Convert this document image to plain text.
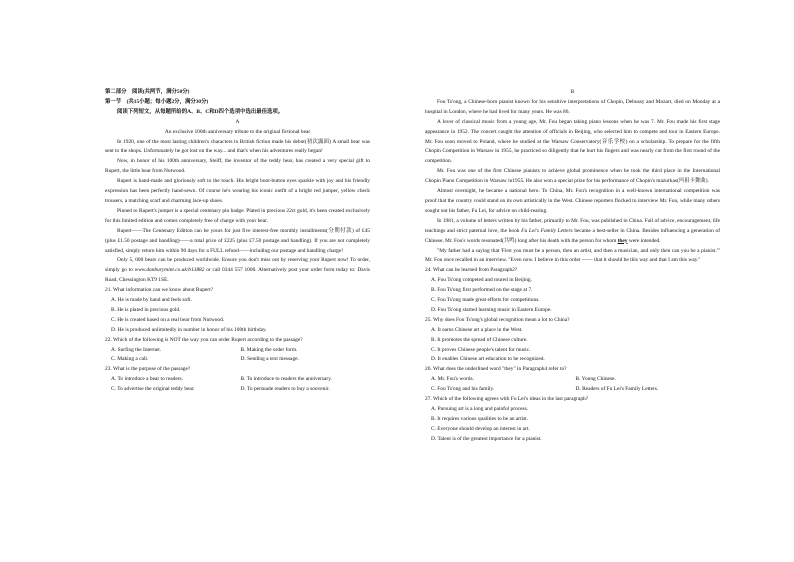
第二部分　阅读(共两节，满分50分)

第一节　(共15小题；每小题2分，满分30分)

阅读下列短文，从每题所给的A、B、C和D四个选项中选出最佳选项。

A

An exclusive 100th anniversary tribute to the original fictional bear

In 1920, one of the most lasting children's characters in British fiction made his debut(初次露面) A small bear was sent to the shops. Unfortunately he got lost on the way... and that's when his adventures really began!

Now, in honor of his 100th anniversary, Steiff, the inventor of the teddy bear, has created a very special gift to Rupert, the little bear from Nutwood.

Rupert is hand-made and gloriously soft to the touch. His bright boot-button eyes sparkle with joy and his friendly expression has been perfectly hand-sewn. Of course he's wearing his iconic outfit of a bright red jumper, yellow check trousers, a matching scarf and charming lace-up shoes.

Pinned to Rupert's jumper is a special centenary pin badge. Plated in precious 22ct gold, it's been created exclusively for this limited edition and comes completely free of charge with your bear.

Rupert——The Centenary Edition can be yours for just five interest-free monthly installments(分期付款) of £45 (plus £1.50 postage and handling)——a total price of £225 (plus £7.50 postage and handling). If you are not completely satisfied, simply return him within 90 days for a FULL refund——including our postage and handling charge!

Only 5, 000 bears can be produced worldwide. Ensure you don't miss out by reserving your Rupert now! To order, simply go to www.danburymint.co.uk/b13882 or call 0344 557 1000. Alternatively post your order form today to: Davis Road, Chessington KT9 1SE.

21. What information can we know about Rupert?

A. He is made by hand and feels soft.

B. He is plated in precious gold.

C. He is created based on a real bear from Nutwood.

D. He is produced unlimitedly in number in honor of his 100th birthday.

22. Which of the following is NOT the way you can order Rupert according to the passage?

A. Surfing the Internet.	B. Making the order form.
C. Making a call.	D. Sending a text message.

23. What is the purpose of the passage?

A. To introduce a bear to readers.	B. To introduce to readers the anniversary.
C. To advertise the original teddy bear.	D. To persuade readers to buy a souvenir.

B

Fou Ts'ong, a Chinese-born pianist known for his sensitive interpretations of Chopin, Debussy and Mozart, died on Monday at a hospital in London, where he had lived for many years. He was 86.

A lover of classical music from a young age, Mr. Fou began taking piano lessons when he was 7. Mr. Fou made his first stage appearance in 1952. The concert caught the attention of officials in Beijing, who selected him to compete and tour in Eastern Europe. Mr. Fou soon moved to Poland, where he studied at the Warsaw Conservatory(音乐学校) on a scholarship. To prepare for the fifth Chopin Competition in Warsaw in 1955, he practiced so diligently that he hurt his fingers and was nearly cut from the first round of the competition.

Mr. Fou was one of the first Chinese pianists to achieve global prominence when he took the third place in the International Chopin Piano Competition in Warsaw in1955. He also won a special prize for his performance of Chopin's mazurkas(玛祖卡舞曲).

Almost overnight, he became a national hero. To China, Mr. Fou's recognition in a well-known international competition was proof that the country could stand on its own artistically in the West. Chinese reporters flocked to interview Mr. Fou, while many others sought out his father, Fu Lei, for advice on child-rearing.

In 1981, a volume of letters written by his father, primarily to Mr. Fou, was published in China. Full of advice, encouragement, life teachings and strict paternal love, the book Fu Lei's Family Letters became a best-seller in China. Besides influencing a generation of Chinese, Mr. Fou's words resonated(共鸣) long after his death with the person for whom they were intended.

"My father had a saying that 'First you must be a person, then an artist, and then a musician, and only then can you be a pianist.'" Mr. Fou once recalled in an interview. "Even now. I believe in this order —— that it should be this way and that I am this way."

24. What can be learned from Paragraph2?

A. Fou Ts'ong competed and toured in Beijing.

B. Fou Ts'ong first performed on the stage at 7.

C. Fou Ts'ong made great efforts for competitions.

D. Fou Ts'ong started learning music in Eastern Europe.

25. Why does Fou Ts'ong's global recognition mean a lot to China?

A. It earns Chinese art a place in the West.

B. It promotes the spread of Chinese culture.

C. It proves Chinese people's talent for music.

D. It enables Chinese art education to be recognized.

26. What does the underlined word "they" in Paragraph4 refer to?

A. Mr. Fou's words.	B. Young Chinese.
C. Fou Ts'ong and his family.	D. Readers of Fu Lei's Family Letters.

27. Which of the following agrees with Fu Lei's ideas in the last paragraph?

A. Pursuing art is a long and painful process.

B. It requires various qualities to be an artist.

C. Everyone should develop an interest in art.

D. Talent is of the greatest importance for a pianist.
